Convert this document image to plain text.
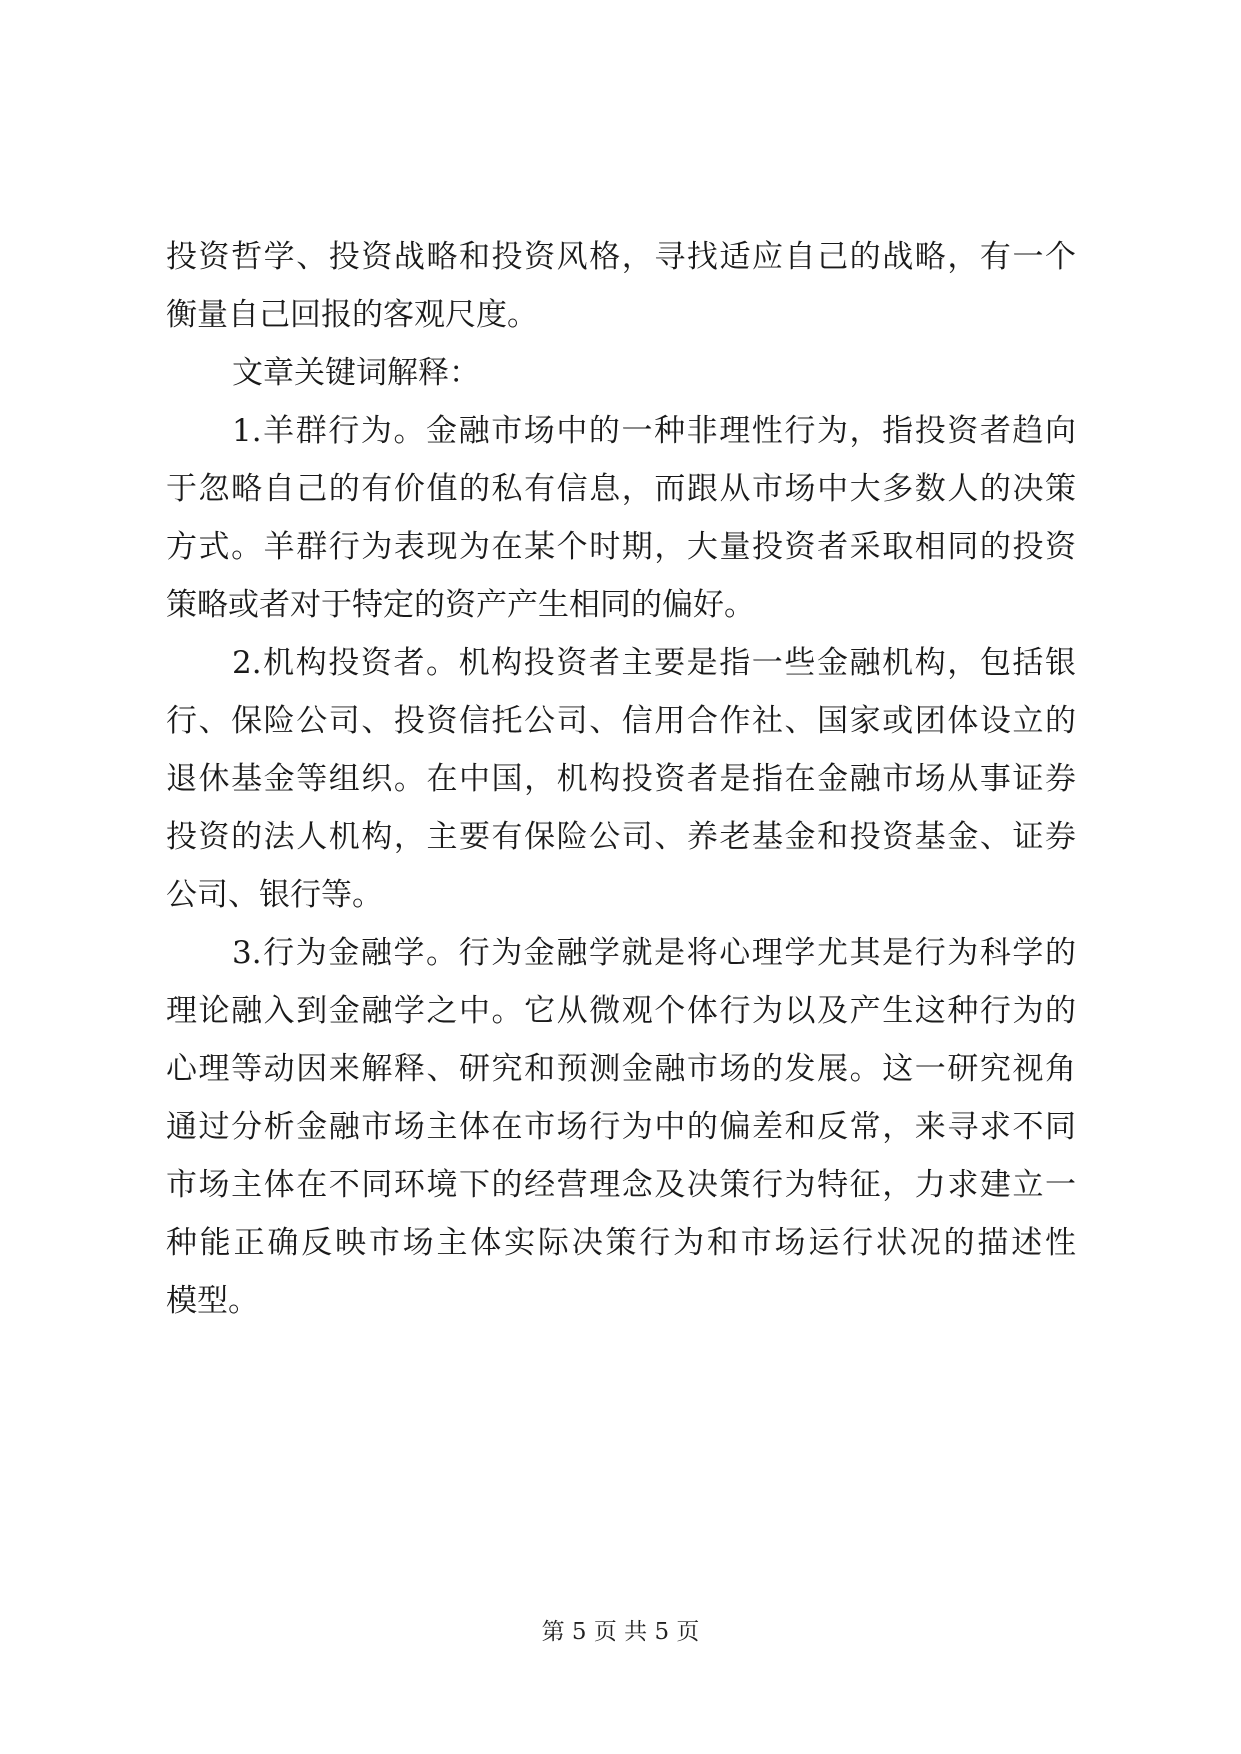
投资哲学、投资战略和投资风格，寻找适应自己的战略，有一个
衡量自己回报的客观尺度。
文章关键词解释：
1.羊群行为。金融市场中的一种非理性行为，指投资者趋向
于忽略自己的有价值的私有信息，而跟从市场中大多数人的决策
方式。羊群行为表现为在某个时期，大量投资者采取相同的投资
策略或者对于特定的资产产生相同的偏好。
2.机构投资者。机构投资者主要是指一些金融机构，包括银
行、保险公司、投资信托公司、信用合作社、国家或团体设立的
退休基金等组织。在中国，机构投资者是指在金融市场从事证券
投资的法人机构，主要有保险公司、养老基金和投资基金、证券
公司、银行等。
3.行为金融学。行为金融学就是将心理学尤其是行为科学的
理论融入到金融学之中。它从微观个体行为以及产生这种行为的
心理等动因来解释、研究和预测金融市场的发展。这一研究视角
通过分析金融市场主体在市场行为中的偏差和反常，来寻求不同
市场主体在不同环境下的经营理念及决策行为特征，力求建立一
种能正确反映市场主体实际决策行为和市场运行状况的描述性
模型。
第 5 页 共 5 页
